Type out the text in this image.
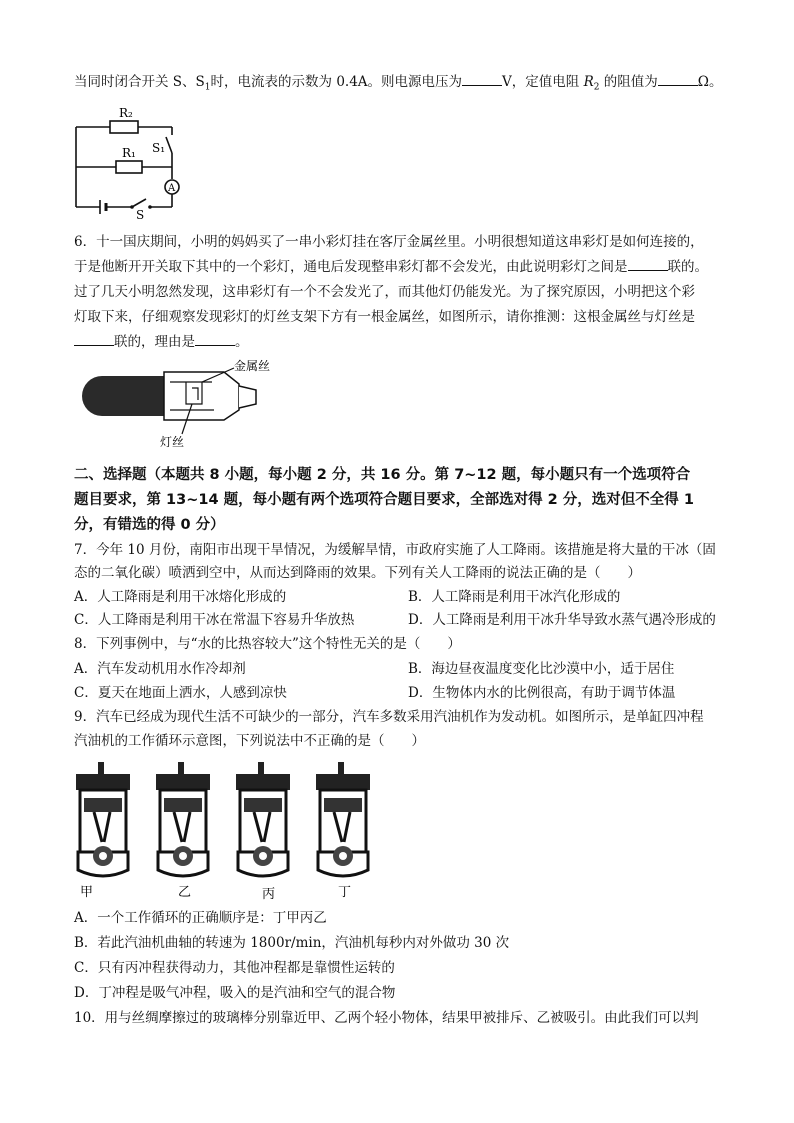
当同时闭合开关 S、$S_1$时，电流表的示数为 0.4A。则电源电压为	V，定值电阻 $R_2$ 的阻值为	Ω。
R₂
R₁ S₁
A
S
6．十一国庆期间，小明的妈妈买了一串小彩灯挂在客厅金属丝里。小明很想知道这串彩灯是如何连接的，
于是他断开开关取下其中的一个彩灯，通电后发现整串彩灯都不会发光，由此说明彩灯之间是	联的。
过了几天小明忽然发现，这串彩灯有一个不会发光了，而其他灯仍能发光。为了探究原因，小明把这个彩
灯取下来，仔细观察发现彩灯的灯丝支架下方有一根金属丝，如图所示，请你推测：这根金属丝与灯丝是
联的，理由是	。
金属丝
灯丝
二、选择题（本题共 8 小题，每小题 2 分，共 16 分。第 7~12 题，每小题只有一个选项符合
题目要求，第 13~14 题，每小题有两个选项符合题目要求，全部选对得 2 分，选对但不全得 1
分，有错选的得 0 分）
7．今年 10 月份，南阳市出现干旱情况，为缓解旱情，市政府实施了人工降雨。该措施是将大量的干冰（固
态的二氧化碳）喷洒到空中，从而达到降雨的效果。下列有关人工降雨的说法正确的是（　　）
A．人工降雨是利用干冰熔化形成的	B．人工降雨是利用干冰汽化形成的
C．人工降雨是利用干冰在常温下容易升华放热	D．人工降雨是利用干冰升华导致水蒸气遇冷形成的
8．下列事例中，与“水的比热容较大”这个特性无关的是（　　）
A．汽车发动机用水作冷却剂	B．海边昼夜温度变化比沙漠中小，适于居住
C．夏天在地面上洒水，人感到凉快	D．生物体内水的比例很高，有助于调节体温
9．汽车已经成为现代生活不可缺少的一部分，汽车多数采用汽油机作为发动机。如图所示，是单缸四冲程
汽油机的工作循环示意图，下列说法中不正确的是（　　）
甲	乙	丙	丁
A．一个工作循环的正确顺序是：丁甲丙乙
B．若此汽油机曲轴的转速为 1800r/min，汽油机每秒内对外做功 30 次
C．只有丙冲程获得动力，其他冲程都是靠惯性运转的
D．丁冲程是吸气冲程，吸入的是汽油和空气的混合物
10．用与丝绸摩擦过的玻璃棒分别靠近甲、乙两个轻小物体，结果甲被排斥、乙被吸引。由此我们可以判
